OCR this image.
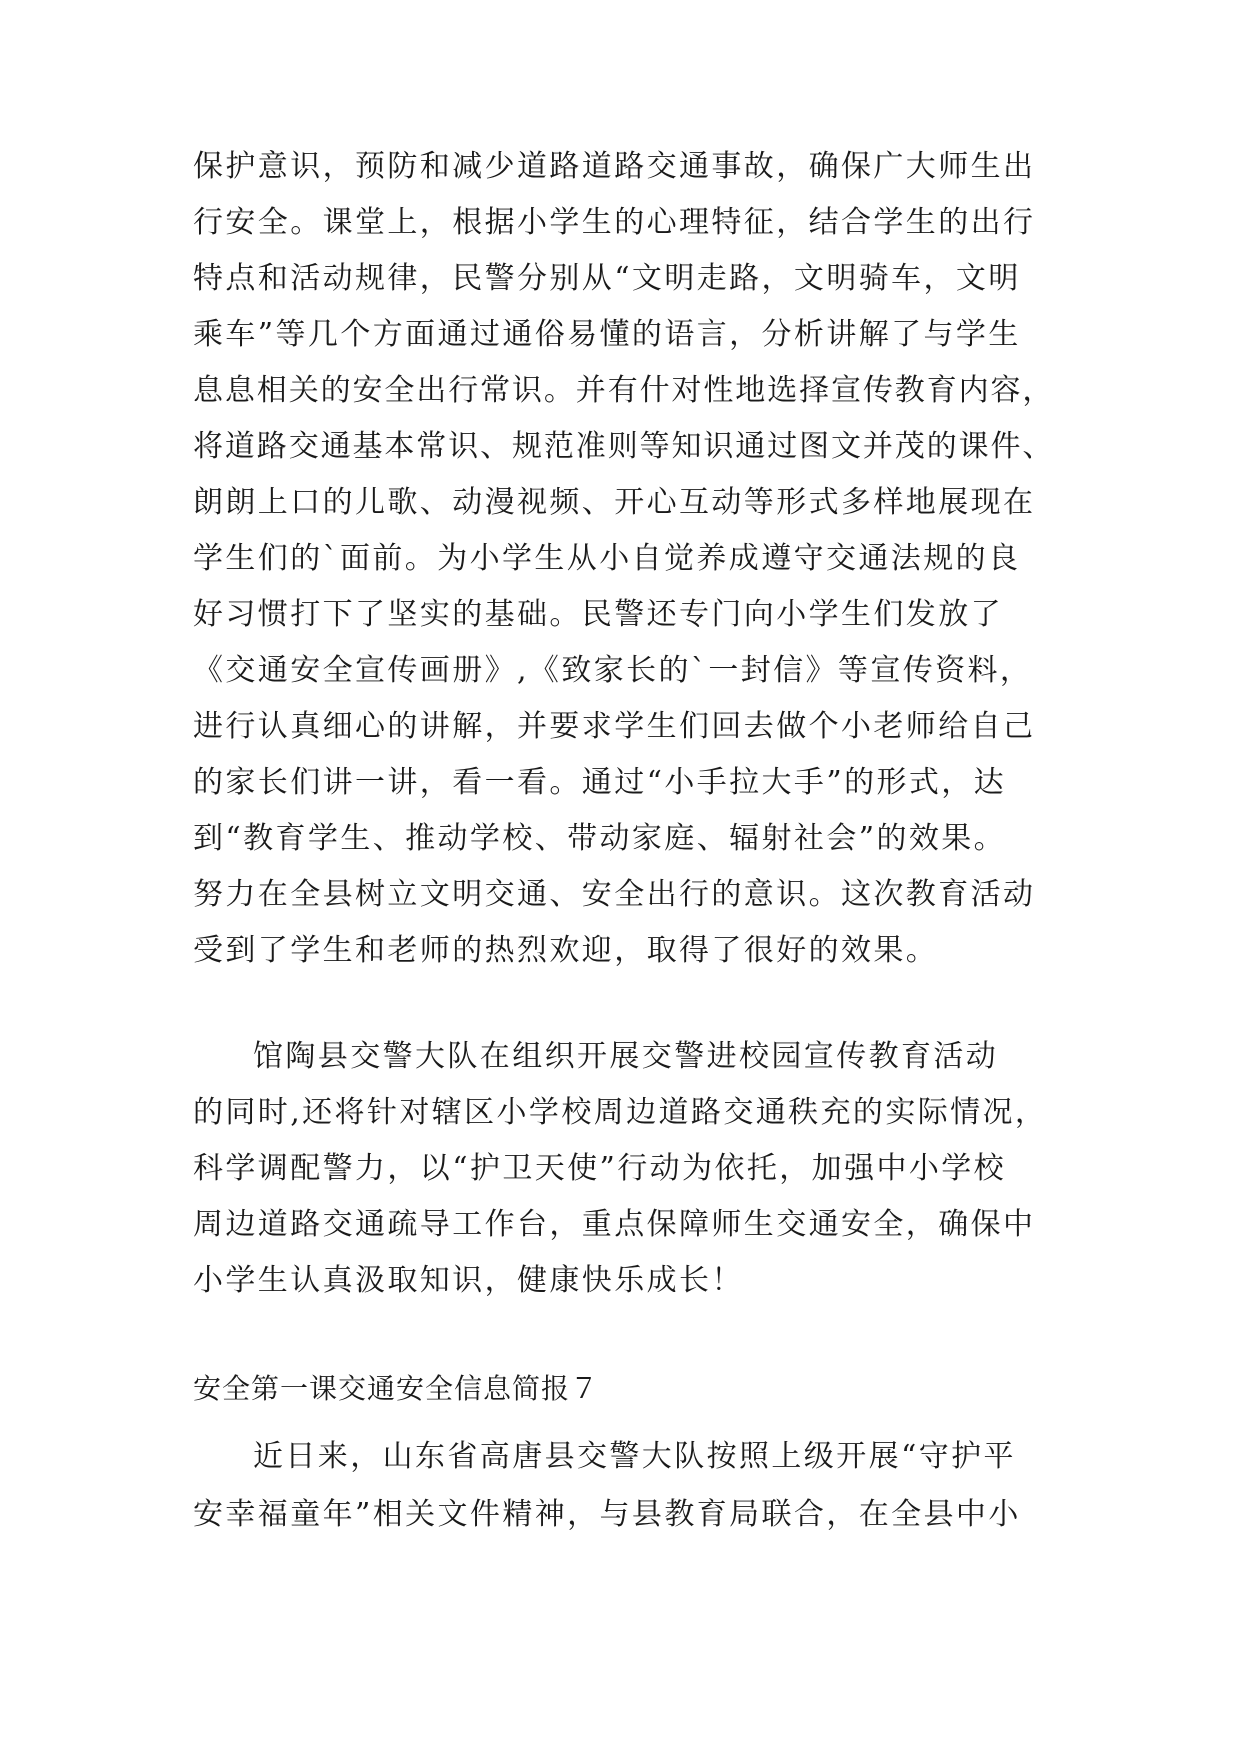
保护意识，预防和减少道路道路交通事故，确保广大师生出
行安全。课堂上，根据小学生的心理特征，结合学生的出行
特点和活动规律，民警分别从“文明走路，文明骑车，文明
乘车”等几个方面通过通俗易懂的语言，分析讲解了与学生
息息相关的安全出行常识。并有什对性地选择宣传教育内容，
将道路交通基本常识、规范准则等知识通过图文并茂的课件、
朗朗上口的儿歌、动漫视频、开心互动等形式多样地展现在
学生们的`面前。为小学生从小自觉养成遵守交通法规的良
好习惯打下了坚实的基础。民警还专门向小学生们发放了
《交通安全宣传画册》,《致家长的`一封信》等宣传资料，
进行认真细心的讲解，并要求学生们回去做个小老师给自己
的家长们讲一讲，看一看。通过“小手拉大手”的形式，达
到“教育学生、推动学校、带动家庭、辐射社会”的效果。
努力在全县树立文明交通、安全出行的意识。这次教育活动
受到了学生和老师的热烈欢迎，取得了很好的效果。
馆陶县交警大队在组织开展交警进校园宣传教育活动
的同时,还将针对辖区小学校周边道路交通秩充的实际情况，
科学调配警力，以“护卫天使”行动为依托，加强中小学校
周边道路交通疏导工作台，重点保障师生交通安全，确保中
小学生认真汲取知识，健康快乐成长！
安全第一课交通安全信息简报７
近日来，山东省高唐县交警大队按照上级开展“守护平
安幸福童年”相关文件精神，与县教育局联合，在全县中小
